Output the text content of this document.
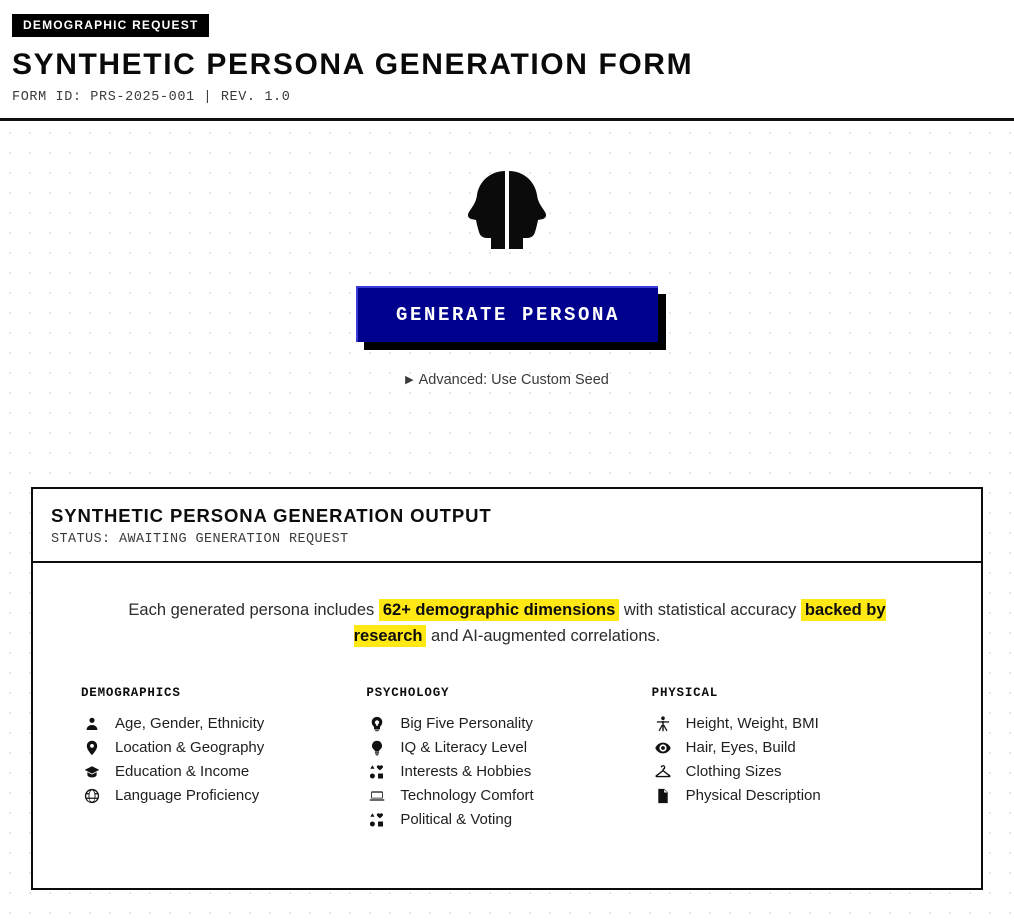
DEMOGRAPHIC REQUEST
SYNTHETIC PERSONA GENERATION FORM
FORM ID: PRS-2025-001 | REV. 1.0
GENERATE PERSONA
▶ Advanced: Use Custom Seed
SYNTHETIC PERSONA GENERATION OUTPUT
STATUS: AWAITING GENERATION REQUEST

Each generated persona includes 62+ demographic dimensions with statistical accuracy backed by research and AI-augmented correlations.

DEMOGRAPHICS
Age, Gender, Ethnicity
Location & Geography
Education & Income
Language Proficiency
PSYCHOLOGY
Big Five Personality
IQ & Literacy Level
Interests & Hobbies
Technology Comfort
Political & Voting
PHYSICAL
Height, Weight, BMI
Hair, Eyes, Build
Clothing Sizes
Physical Description
